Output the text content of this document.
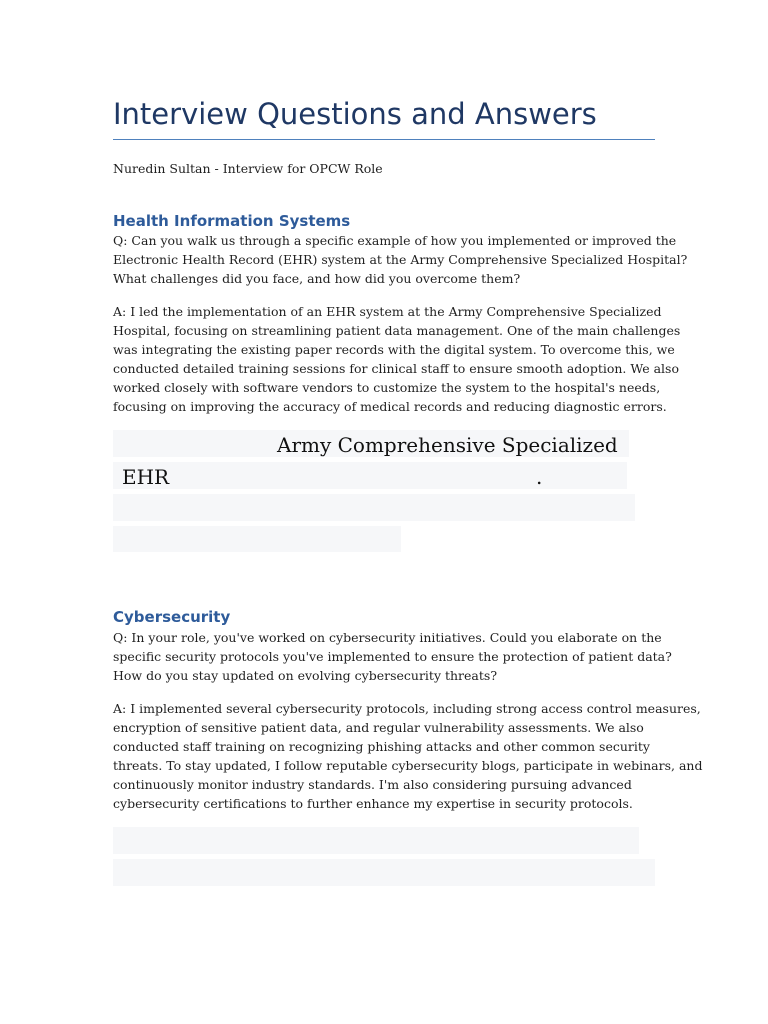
Interview Questions and Answers
Nuredin Sultan - Interview for OPCW Role
Health Information Systems
Q: Can you walk us through a specific example of how you implemented or improved the
Electronic Health Record (EHR) system at the Army Comprehensive Specialized Hospital?
What challenges did you face, and how did you overcome them?
A: I led the implementation of an EHR system at the Army Comprehensive Specialized
Hospital, focusing on streamlining patient data management. One of the main challenges
was integrating the existing paper records with the digital system. To overcome this, we
conducted detailed training sessions for clinical staff to ensure smooth adoption. We also
worked closely with software vendors to customize the system to the hospital's needs,
focusing on improving the accuracy of medical records and reducing diagnostic errors.
Army Comprehensive Specialized
EHR	.
Cybersecurity
Q: In your role, you've worked on cybersecurity initiatives. Could you elaborate on the
specific security protocols you've implemented to ensure the protection of patient data?
How do you stay updated on evolving cybersecurity threats?
A: I implemented several cybersecurity protocols, including strong access control measures,
encryption of sensitive patient data, and regular vulnerability assessments. We also
conducted staff training on recognizing phishing attacks and other common security
threats. To stay updated, I follow reputable cybersecurity blogs, participate in webinars, and
continuously monitor industry standards. I'm also considering pursuing advanced
cybersecurity certifications to further enhance my expertise in security protocols.
